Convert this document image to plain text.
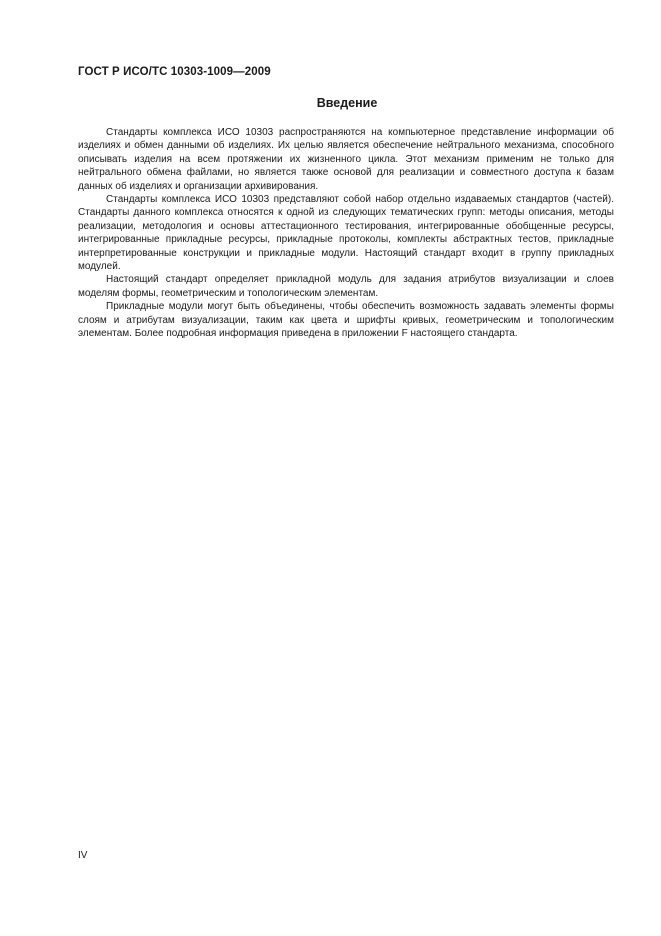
ГОСТ Р ИСО/ТС 10303-1009—2009
Введение

Стандарты комплекса ИСО 10303 распространяются на компьютерное представление информации об изделиях и обмен данными об изделиях. Их целью является обеспечение нейтрального механизма, способного описывать изделия на всем протяжении их жизненного цикла. Этот механизм применим не только для нейтрального обмена файлами, но является также основой для реализации и совместного доступа к базам данных об изделиях и организации архивирования.

Стандарты комплекса ИСО 10303 представляют собой набор отдельно издаваемых стандартов (частей). Стандарты данного комплекса относятся к одной из следующих тематических групп: методы описания, методы реализации, методология и основы аттестационного тестирования, интегрированные обобщенные ресурсы, интегрированные прикладные ресурсы, прикладные протоколы, комплекты абстрактных тестов, прикладные интерпретированные конструкции и прикладные модули. Настоящий стандарт входит в группу прикладных модулей.

Настоящий стандарт определяет прикладной модуль для задания атрибутов визуализации и слоев моделям формы, геометрическим и топологическим элементам.

Прикладные модули могут быть объединены, чтобы обеспечить возможность задавать элементы формы слоям и атрибутам визуализации, таким как цвета и шрифты кривых, геометрическим и топологическим элементам. Более подробная информация приведена в приложении F настоящего стандарта.

IV
